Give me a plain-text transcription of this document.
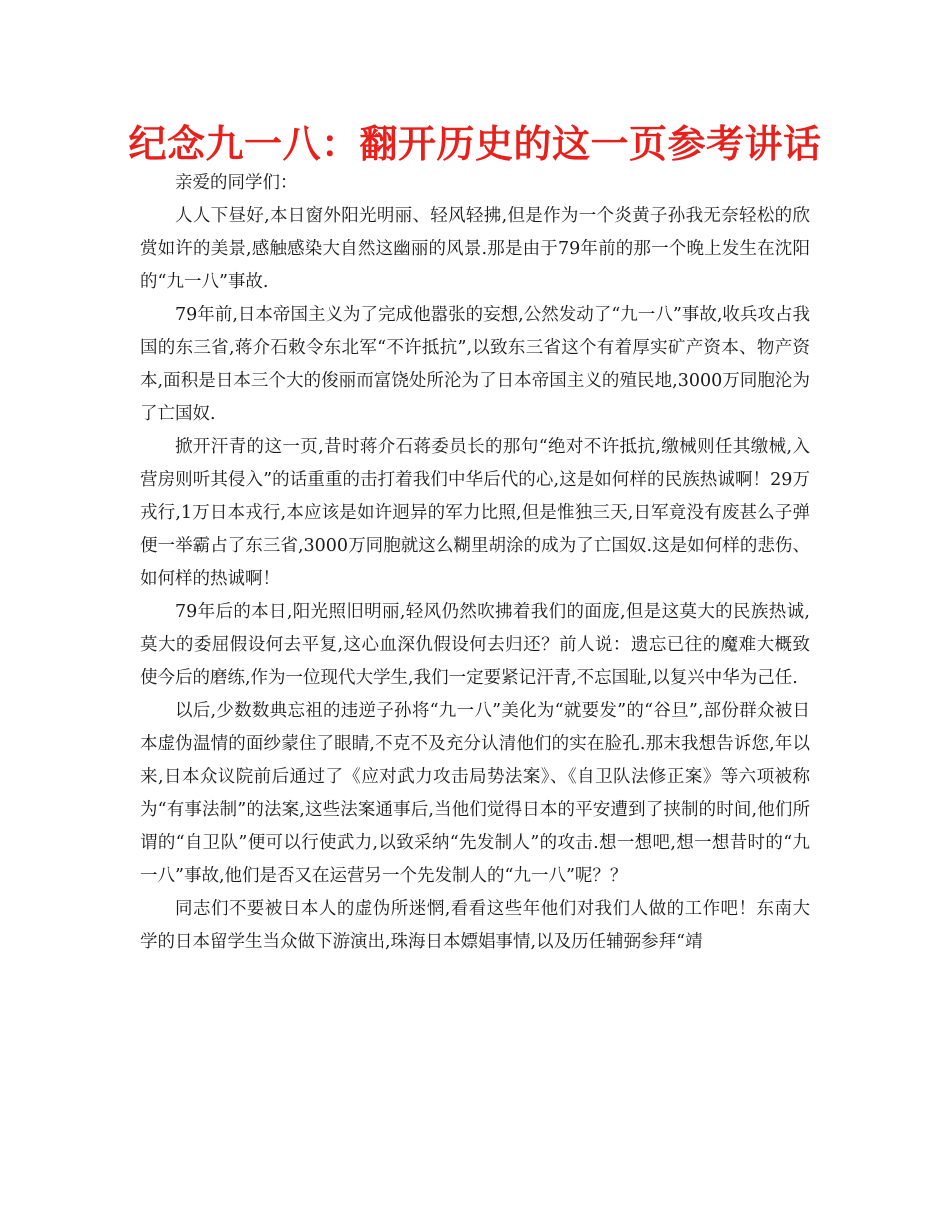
纪念九一八：翻开历史的这一页参考讲话

亲爱的同学们：

人人下昼好,本日窗外阳光明丽、轻风轻拂,但是作为一个炎黄子孙我无奈轻松的欣赏如许的美景,感触感染大自然这幽丽的风景.那是由于79年前的那一个晚上发生在沈阳的“九一八”事故.

79年前,日本帝国主义为了完成他嚣张的妄想,公然发动了“九一八”事故,收兵攻占我国的东三省,蒋介石敕令东北军“不许抵抗”,以致东三省这个有着厚实矿产资本、物产资本,面积是日本三个大的俊丽而富饶处所沦为了日本帝国主义的殖民地,3000万同胞沦为了亡国奴.

掀开汗青的这一页,昔时蒋介石蒋委员长的那句“绝对不许抵抗,缴械则任其缴械,入营房则听其侵入”的话重重的击打着我们中华后代的心,这是如何样的民族热诚啊！29万戎行,1万日本戎行,本应该是如许迥异的军力比照,但是惟独三天,日军竟没有废甚么子弹便一举霸占了东三省,3000万同胞就这么糊里胡涂的成为了亡国奴.这是如何样的悲伤、如何样的热诚啊！

79年后的本日,阳光照旧明丽,轻风仍然吹拂着我们的面庞,但是这莫大的民族热诚,莫大的委屈假设何去平复,这心血深仇假设何去归还？前人说：遗忘已往的魔难大概致使今后的磨练,作为一位现代大学生,我们一定要紧记汗青,不忘国耻,以复兴中华为己任.

以后,少数数典忘祖的违逆子孙将“九一八”美化为“就要发”的“谷旦”,部份群众被日本虚伪温情的面纱蒙住了眼睛,不克不及充分认清他们的实在脸孔.那末我想告诉您,年以来,日本众议院前后通过了《应对武力攻击局势法案》、《自卫队法修正案》等六项被称为“有事法制”的法案,这些法案通事后,当他们觉得日本的平安遭到了挟制的时间,他们所谓的“自卫队”便可以行使武力,以致采纳“先发制人”的攻击.想一想吧,想一想昔时的“九一八”事故,他们是否又在运营另一个先发制人的“九一八”呢？？

同志们不要被日本人的虚伪所迷惘,看看这些年他们对我们人做的工作吧！东南大学的日本留学生当众做下游演出,珠海日本嫖娼事情,以及历任辅弼参拜“靖
